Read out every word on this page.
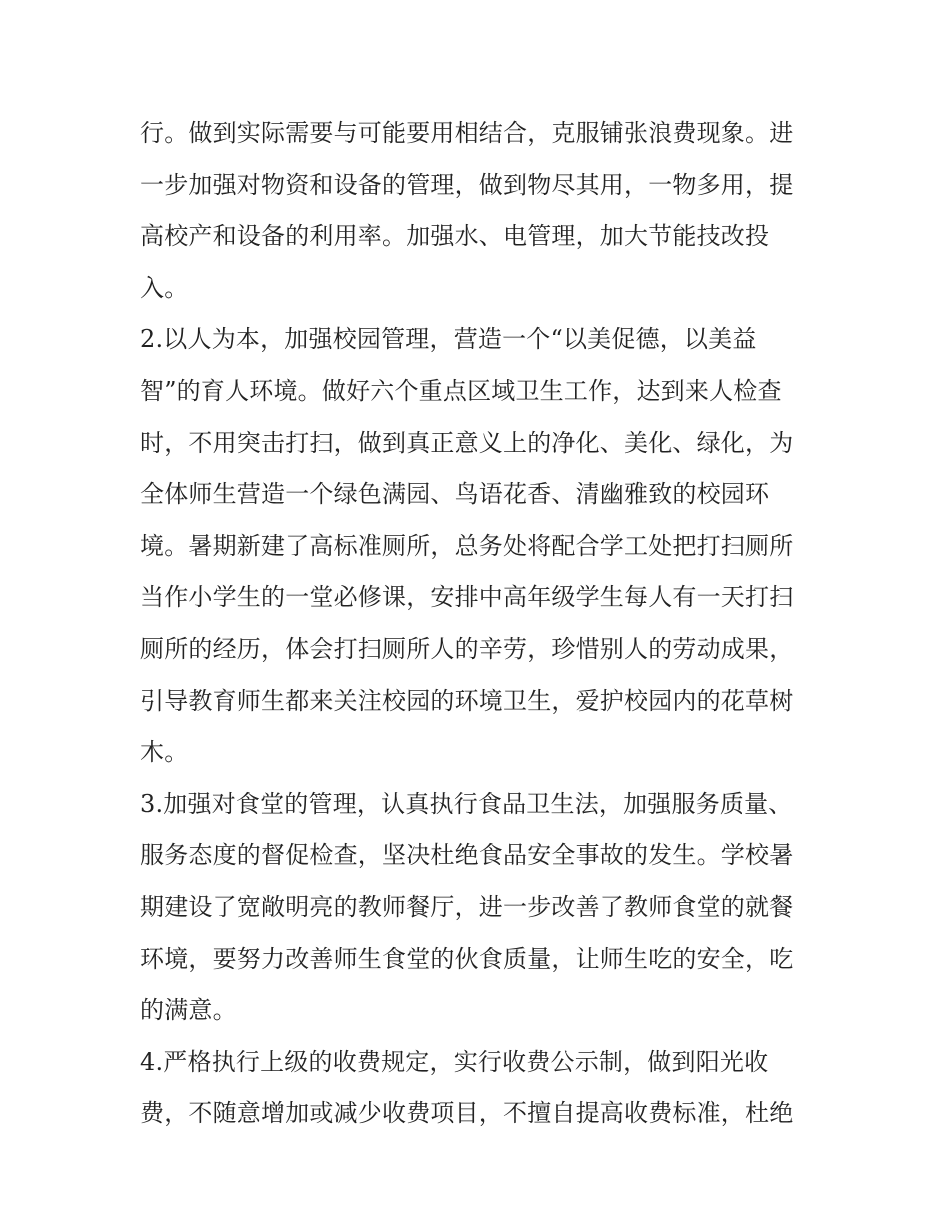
行。做到实际需要与可能要用相结合，克服铺张浪费现象。进
一步加强对物资和设备的管理，做到物尽其用，一物多用，提
高校产和设备的利用率。加强水、电管理，加大节能技改投
入。
2.以人为本，加强校园管理，营造一个“以美促德，以美益
智”的育人环境。做好六个重点区域卫生工作，达到来人检查
时，不用突击打扫，做到真正意义上的净化、美化、绿化，为
全体师生营造一个绿色满园、鸟语花香、清幽雅致的校园环
境。暑期新建了高标准厕所，总务处将配合学工处把打扫厕所
当作小学生的一堂必修课，安排中高年级学生每人有一天打扫
厕所的经历，体会打扫厕所人的辛劳，珍惜别人的劳动成果，
引导教育师生都来关注校园的环境卫生，爱护校园内的花草树
木。
3.加强对食堂的管理，认真执行食品卫生法，加强服务质量、
服务态度的督促检查，坚决杜绝食品安全事故的发生。学校暑
期建设了宽敞明亮的教师餐厅，进一步改善了教师食堂的就餐
环境，要努力改善师生食堂的伙食质量，让师生吃的安全，吃
的满意。
4.严格执行上级的收费规定，实行收费公示制，做到阳光收
费，不随意增加或减少收费项目，不擅自提高收费标准，杜绝
